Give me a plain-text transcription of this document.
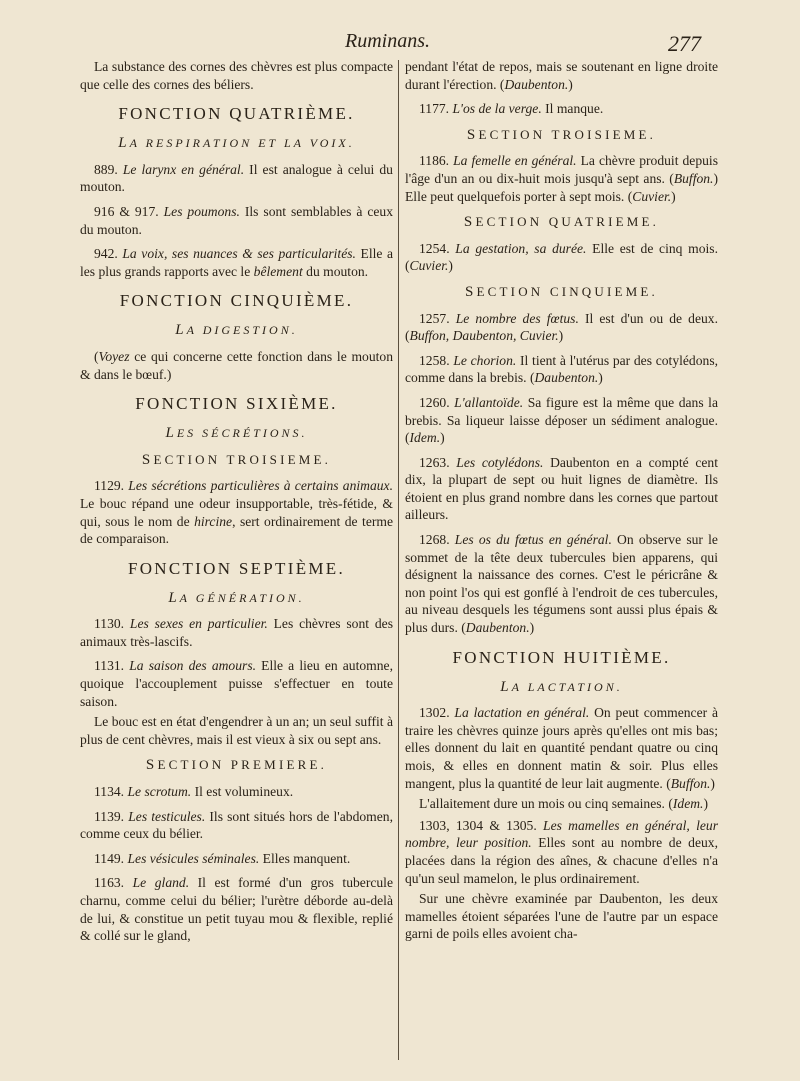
Ruminans.	277

La substance des cornes des chèvres est plus compacte que celle des cornes des béliers.

FONCTION QUATRIÈME.
LA RESPIRATION ET LA VOIX.

889. Le larynx en général. Il est analogue à celui du mouton.

916 & 917. Les poumons. Ils sont semblables à ceux du mouton.

942. La voix, ses nuances & ses particularités. Elle a les plus grands rapports avec le bêlement du mouton.

FONCTION CINQUIÈME.
LA DIGESTION.

(Voyez ce qui concerne cette fonction dans le mouton & dans le bœuf.)

FONCTION SIXIÈME.
LES SÉCRÉTIONS.
SECTION TROISIEME.

1129. Les sécrétions particulières à certains animaux. Le bouc répand une odeur insupportable, très-fétide, & qui, sous le nom de hircine, sert ordinairement de terme de comparaison.

FONCTION SEPTIÈME.
LA GÉNÉRATION.

1130. Les sexes en particulier. Les chèvres sont des animaux très-lascifs.

1131. La saison des amours. Elle a lieu en automne, quoique l'accouplement puisse s'effectuer en toute saison.

Le bouc est en état d'engendrer à un an; un seul suffit à plus de cent chèvres, mais il est vieux à six ou sept ans.

SECTION PREMIERE.

1134. Le scrotum. Il est volumineux.

1139. Les testicules. Ils sont situés hors de l'abdomen, comme ceux du bélier.

1149. Les vésicules séminales. Elles manquent.

1163. Le gland. Il est formé d'un gros tubercule charnu, comme celui du bélier; l'urètre déborde au-delà de lui, & constitue un petit tuyau mou & flexible, replié & collé sur le gland,

pendant l'état de repos, mais se soutenant en ligne droite durant l'érection. (Daubenton.)

1177. L'os de la verge. Il manque.

SECTION TROISIEME.

1186. La femelle en général. La chèvre produit depuis l'âge d'un an ou dix-huit mois jusqu'à sept ans. (Buffon.) Elle peut quelquefois porter à sept mois. (Cuvier.)

SECTION QUATRIEME.

1254. La gestation, sa durée. Elle est de cinq mois. (Cuvier.)

SECTION CINQUIEME.

1257. Le nombre des fœtus. Il est d'un ou de deux. (Buffon, Daubenton, Cuvier.)

1258. Le chorion. Il tient à l'utérus par des cotylédons, comme dans la brebis. (Daubenton.)

1260. L'allantoïde. Sa figure est la même que dans la brebis. Sa liqueur laisse déposer un sédiment analogue. (Idem.)

1263. Les cotylédons. Daubenton en a compté cent dix, la plupart de sept ou huit lignes de diamètre. Ils étoient en plus grand nombre dans les cornes que partout ailleurs.

1268. Les os du fœtus en général. On observe sur le sommet de la tête deux tubercules bien apparens, qui désignent la naissance des cornes. C'est le péricrâne & non point l'os qui est gonflé à l'endroit de ces tubercules, au niveau desquels les tégumens sont aussi plus épais & plus durs. (Daubenton.)

FONCTION HUITIÈME.
LA LACTATION.

1302. La lactation en général. On peut commencer à traire les chèvres quinze jours après qu'elles ont mis bas; elles donnent du lait en quantité pendant quatre ou cinq mois, & elles en donnent matin & soir. Plus elles mangent, plus la quantité de leur lait augmente. (Buffon.)

L'allaitement dure un mois ou cinq semaines. (Idem.)

1303, 1304 & 1305. Les mamelles en général, leur nombre, leur position. Elles sont au nombre de deux, placées dans la région des aînes, & chacune d'elles n'a qu'un seul mamelon, le plus ordinairement.

Sur une chèvre examinée par Daubenton, les deux mamelles étoient séparées l'une de l'autre par un espace garni de poils elles avoient cha-
